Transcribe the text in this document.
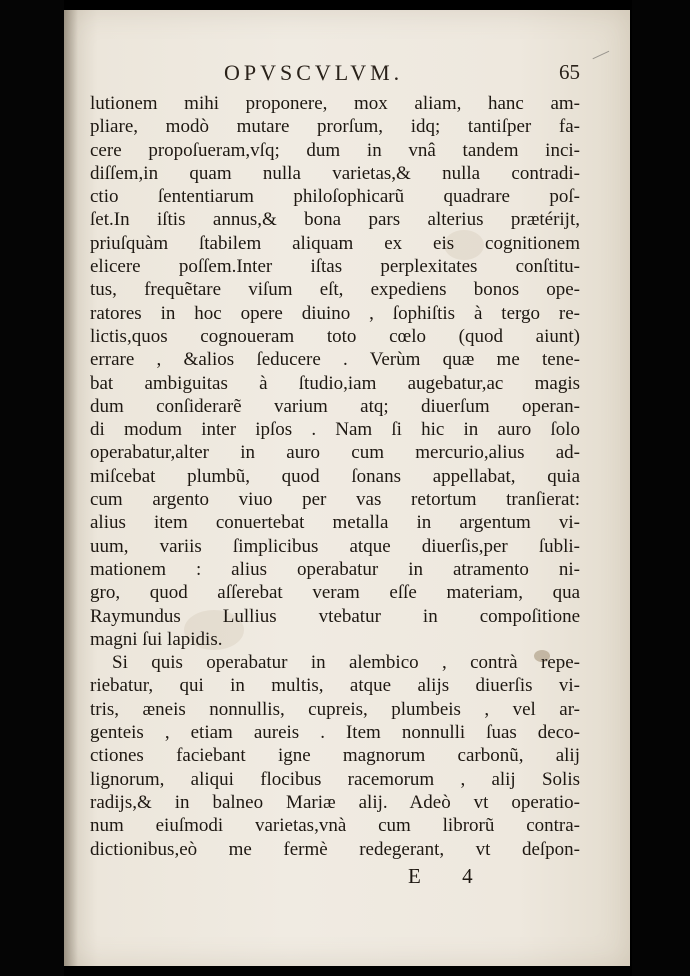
OPVSCVLVM.	65
lutionem mihi proponere, mox aliam, hanc am-
pliare, modò mutare prorſum, idq; tantiſper fa-
cere propoſueram,vſq; dum in vnâ tandem inci-
diſſem,in quam nulla varietas,& nulla contradi-
ctio ſententiarum philoſophicarũ quadrare poſ-
ſet.In iſtis annus,& bona pars alterius prætérijt,
priuſquàm ſtabilem aliquam ex eis cognitionem
elicere poſſem.Inter iſtas perplexitates conſtitu-
tus, frequẽtare viſum eſt, expediens bonos ope-
ratores in hoc opere diuino , ſophiſtis à tergo re-
lictis,quos cognoueram toto cœlo (quod aiunt)
errare , &alios ſeducere . Verùm quæ me tene-
bat ambiguitas à ſtudio,iam augebatur,ac magis
dum conſiderarẽ varium atq; diuerſum operan-
di modum inter ipſos . Nam ſi hic in auro ſolo
operabatur,alter in auro cum mercurio,alius ad-
miſcebat plumbũ, quod ſonans appellabat, quia
cum argento viuo per vas retortum tranſierat:
alius item conuertebat metalla in argentum vi-
uum, variis ſimplicibus atque diuerſis,per ſubli-
mationem : alius operabatur in atramento ni-
gro, quod aſſerebat veram eſſe materiam, qua
Raymundus Lullius vtebatur in compoſitione
magni ſui lapidis.
Si quis operabatur in alembico , contrà repe-
riebatur, qui in multis, atque alijs diuerſis vi-
tris, æneis nonnullis, cupreis, plumbeis , vel ar-
genteis , etiam aureis . Item nonnulli ſuas deco-
ctiones faciebant igne magnorum carbonũ, alij
lignorum, aliqui flocibus racemorum , alij Solis
radijs,& in balneo Mariæ alij. Adeò vt operatio-
num eiuſmodi varietas,vnà cum librorũ contra-
dictionibus,eò me fermè redegerant, vt deſpon-
E 4
